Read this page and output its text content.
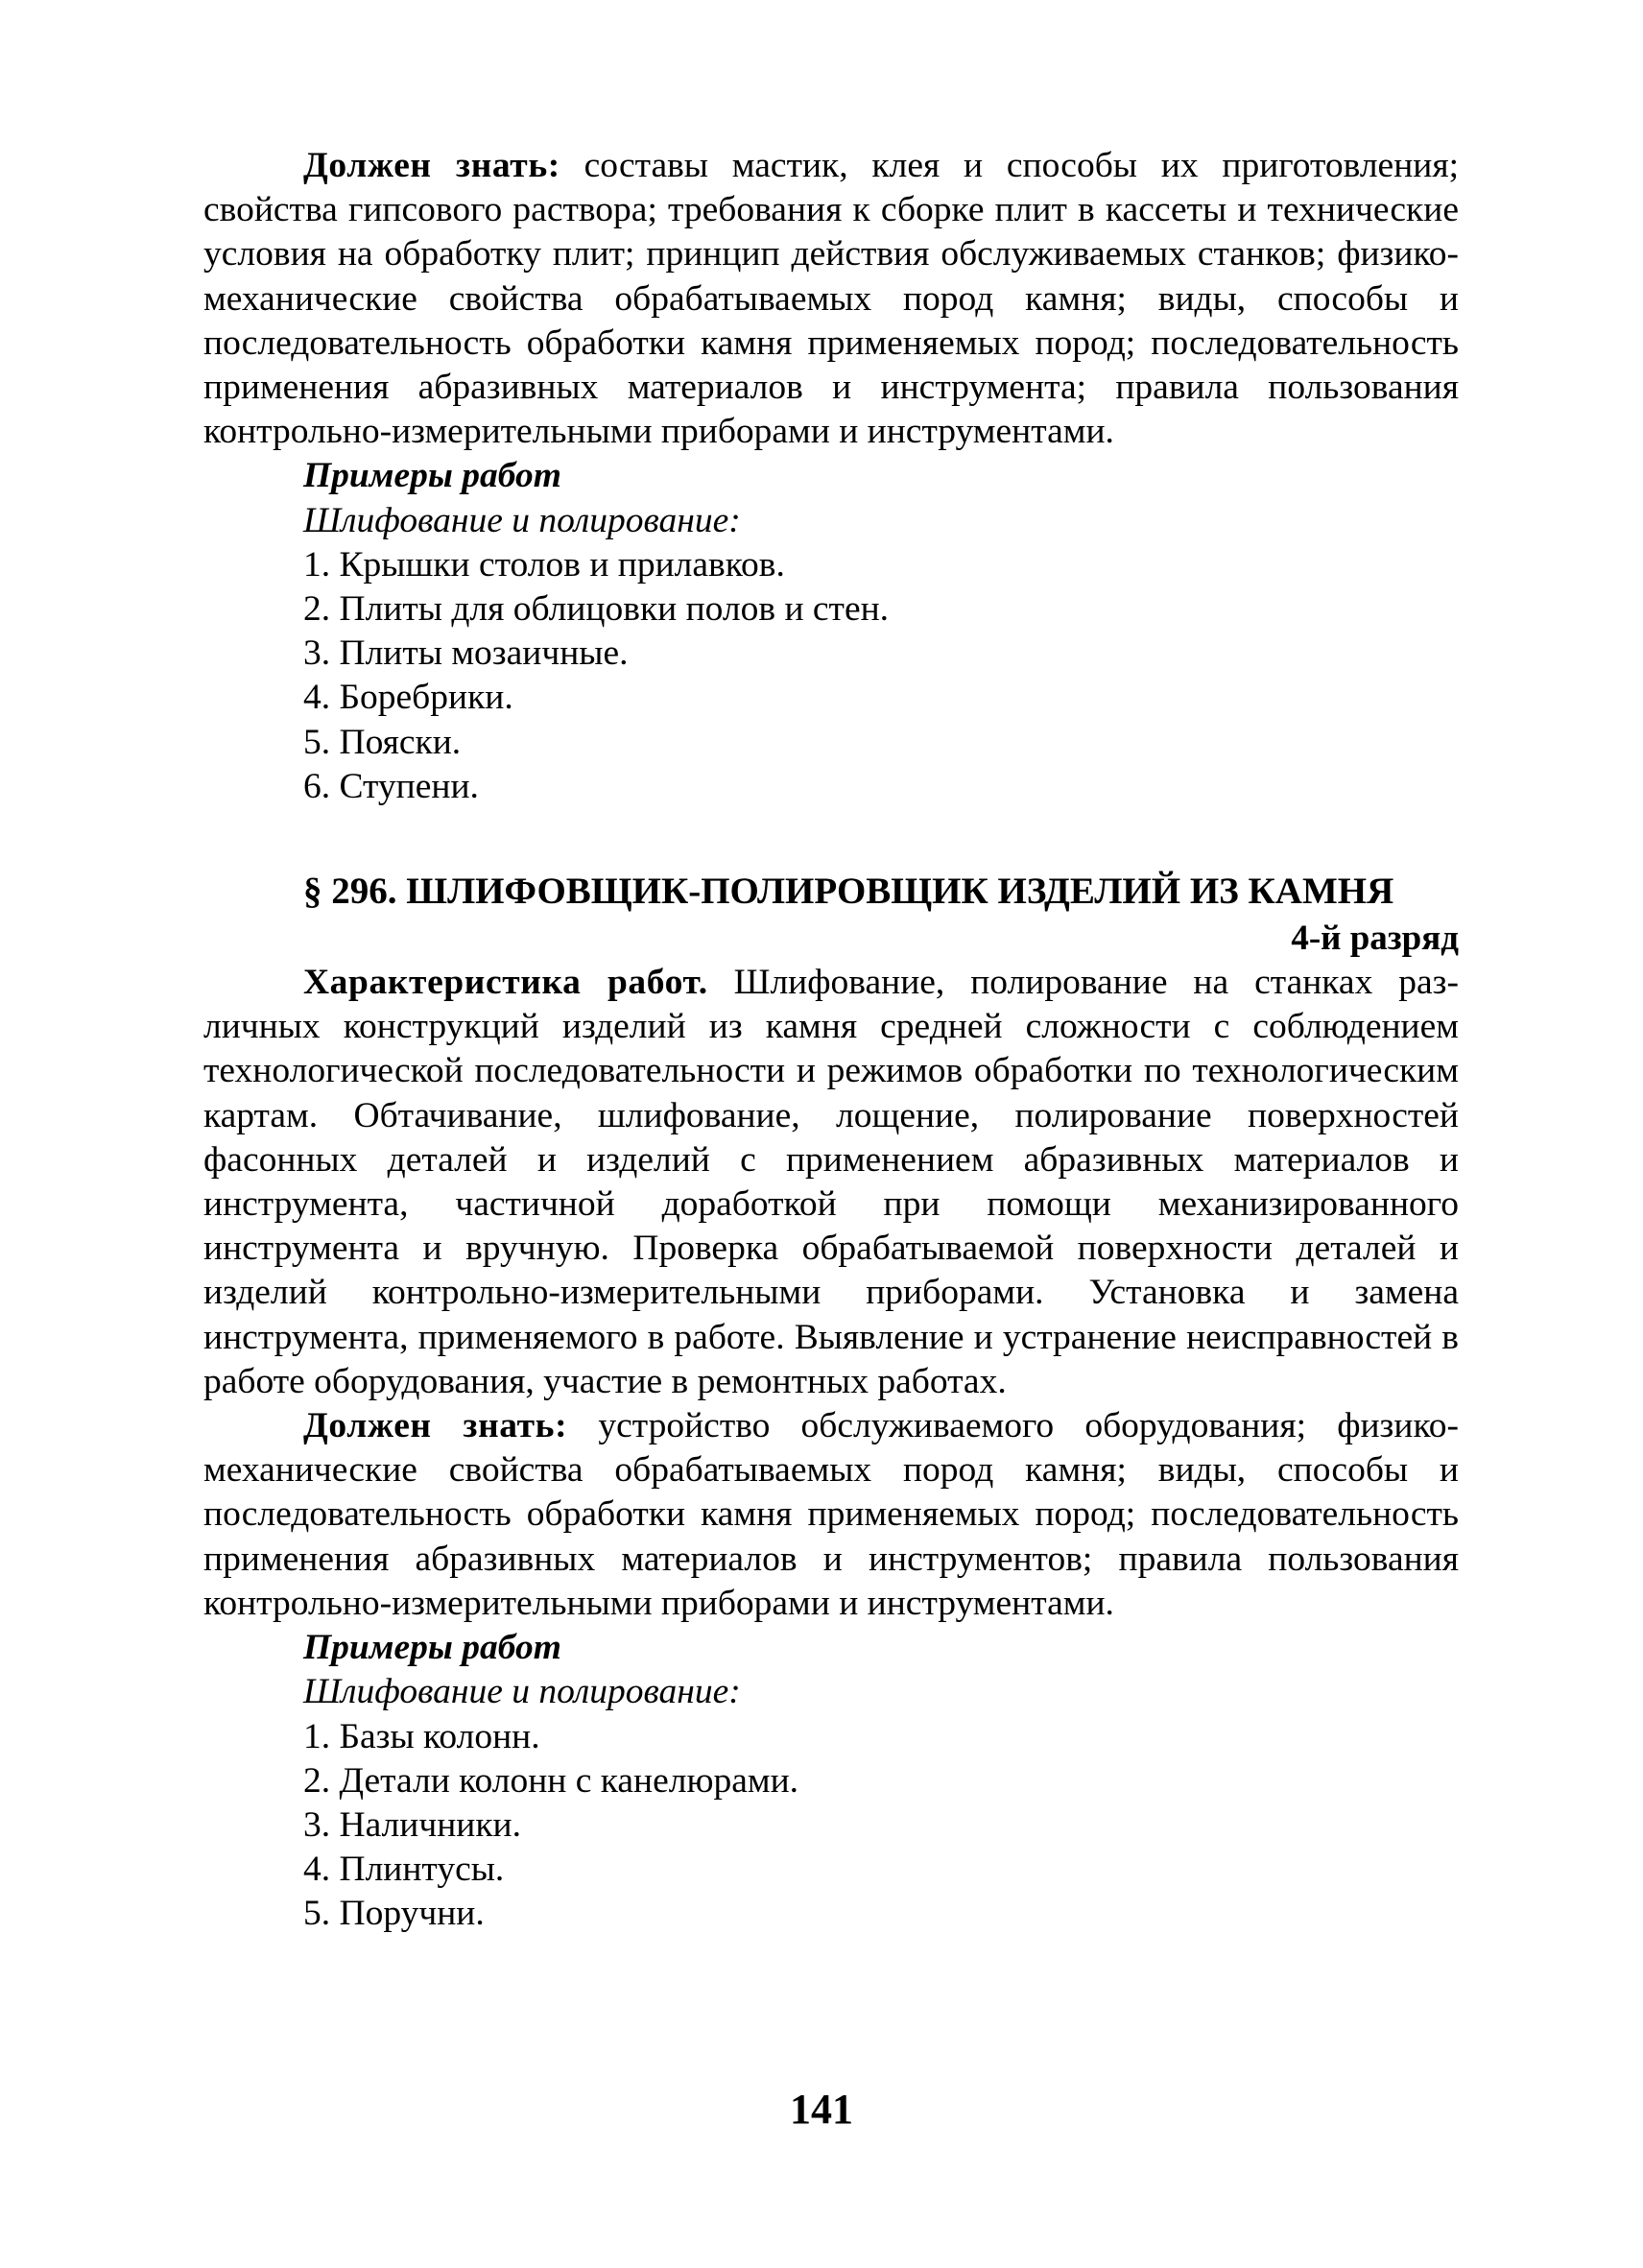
Должен знать: составы мастик, клея и способы их приготовления; свойства гипсового раствора; требования к сборке плит в кассеты и технические условия на обработку плит; принцип действия обслуживаемых станков; физико-механические свойства обрабатываемых пород камня; виды, способы и последовательность обработки камня применяемых пород; последовательность применения абразивных материалов и инструмента; правила пользования контрольно-измерительными приборами и инструментами.

Примеры работ

Шлифование и полирование:

1. Крышки столов и прилавков.
2. Плиты для облицовки полов и стен.
3. Плиты мозаичные.
4. Боребрики.
5. Пояски.
6. Ступени.
§ 296. ШЛИФОВЩИК-ПОЛИРОВЩИК ИЗДЕЛИЙ ИЗ КАМНЯ
4-й разряд

Характеристика работ. Шлифование, полирование на станках различных конструкций изделий из камня средней сложности с соблюдением технологической последовательности и режимов обработки по технологическим картам. Обтачивание, шлифование, лощение, полирование поверхностей фасонных деталей и изделий с применением абразивных материалов и инструмента, частичной доработкой при помощи механизированного инструмента и вручную. Проверка обрабатываемой поверхности деталей и изделий контрольно-измерительными приборами. Установка и замена инструмента, применяемого в работе. Выявление и устранение неисправностей в работе оборудования, участие в ремонтных работах.

Должен знать: устройство обслуживаемого оборудования; физико-механические свойства обрабатываемых пород камня; виды, способы и последовательность обработки камня применяемых пород; последовательность применения абразивных материалов и инструментов; правила пользования контрольно-измерительными приборами и инструментами.

Примеры работ

Шлифование и полирование:

1. Базы колонн.
2. Детали колонн с канелюрами.
3. Наличники.
4. Плинтусы.
5. Поручни.
141
